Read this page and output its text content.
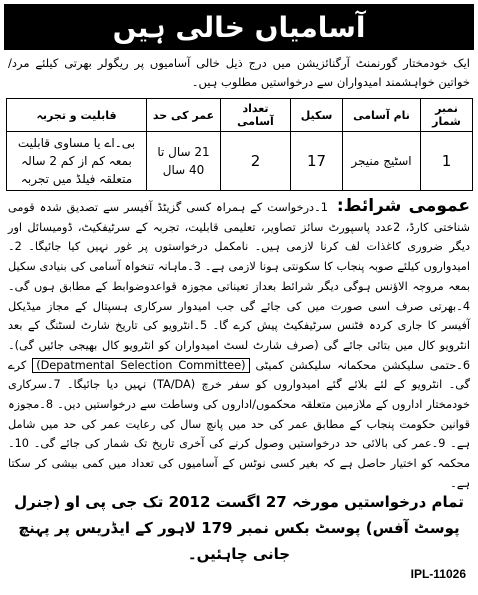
آسامیاں خالی ہیں
ایک خودمختار گورنمنٹ آرگنائزیشن میں درج ذیل خالی آسامیوں پر ریگولر بھرتی کیلئے مرد/خواتین خواہشمند امیدواران سے درخواستیں مطلوب ہیں۔
نمبر شمار	نام آسامی	سکیل	تعداد آسامی	عمر کی حد	قابلیت و تجربہ
1	اسٹیج منیجر	17	2	21 سال تا 40 سال	بی۔اے یا مساوی قابلیت بمعہ کم از کم 2 سالہ متعلقہ فیلڈ میں تجربہ
عمومی شرائط: 1۔درخواست کے ہمراہ کسی گزیٹڈ آفیسر سے تصدیق شدہ قومی شناختی کارڈ، 2عدد پاسپورٹ سائز تصاویر، تعلیمی قابلیت، تجربہ کے سرٹیفکیٹ، ڈومیسائل اور دیگر ضروری کاغذات لف کرنا لازمی ہیں۔ نامکمل درخواستوں پر غور نہیں کیا جائیگا۔ 2۔امیدواروں کیلئے صوبہ پنجاب کا سکونتی ہونا لازمی ہے۔ 3۔ماہانہ تنخواہ آسامی کی بنیادی سکیل بمعہ مروجہ الاؤنس ہوگی دیگر شرائط بعداز تعیناتی مجوزہ قواعدوضوابط کے مطابق ہوں گی۔ 4۔بھرتی صرف اسی صورت میں کی جائے گی جب امیدوار سرکاری ہسپتال کے مجاز میڈیکل آفیسر کا جاری کردہ فٹنس سرٹیفکیٹ پیش کرے گا۔ 5۔انٹرویو کی تاریخ شارٹ لسٹنگ کے بعد انٹرویو کال میں بتائی جائے گی (صرف شارٹ لسٹ امیدواران کو انٹرویو کال بھیجی جائیں گی)۔ 6۔حتمی سلیکشن محکمانہ سلیکشن کمیٹی (Depatmental Selection Committee) کرے گی۔ انٹرویو کے لئے بلائے گئے امیدواروں کو سفر خرچ (TA/DA) نہیں دیا جائیگا۔ 7۔سرکاری خودمختار اداروں کے ملازمین متعلقہ محکموں/اداروں کی وساطت سے درخواستیں دیں۔ 8۔مجوزہ قوانین حکومت پنجاب کے مطابق عمر کی حد میں پانچ سال کی رعایت عمر کی حد میں شامل ہے۔ 9۔عمر کی بالائی حد درخواستیں وصول کرنے کی آخری تاریخ تک شمار کی جائے گی۔ 10۔محکمہ کو اختیار حاصل ہے کہ بغیر کسی نوٹس کے آسامیوں کی تعداد میں کمی بیشی کر سکتا ہے۔
تمام درخواستیں مورخہ 27 اگست 2012 تک جی پی او (جنرل پوسٹ آفس) پوسٹ بکس نمبر 179 لاہور کے ایڈریس پر پہنچ جانی چاہئیں۔
IPL-11026
